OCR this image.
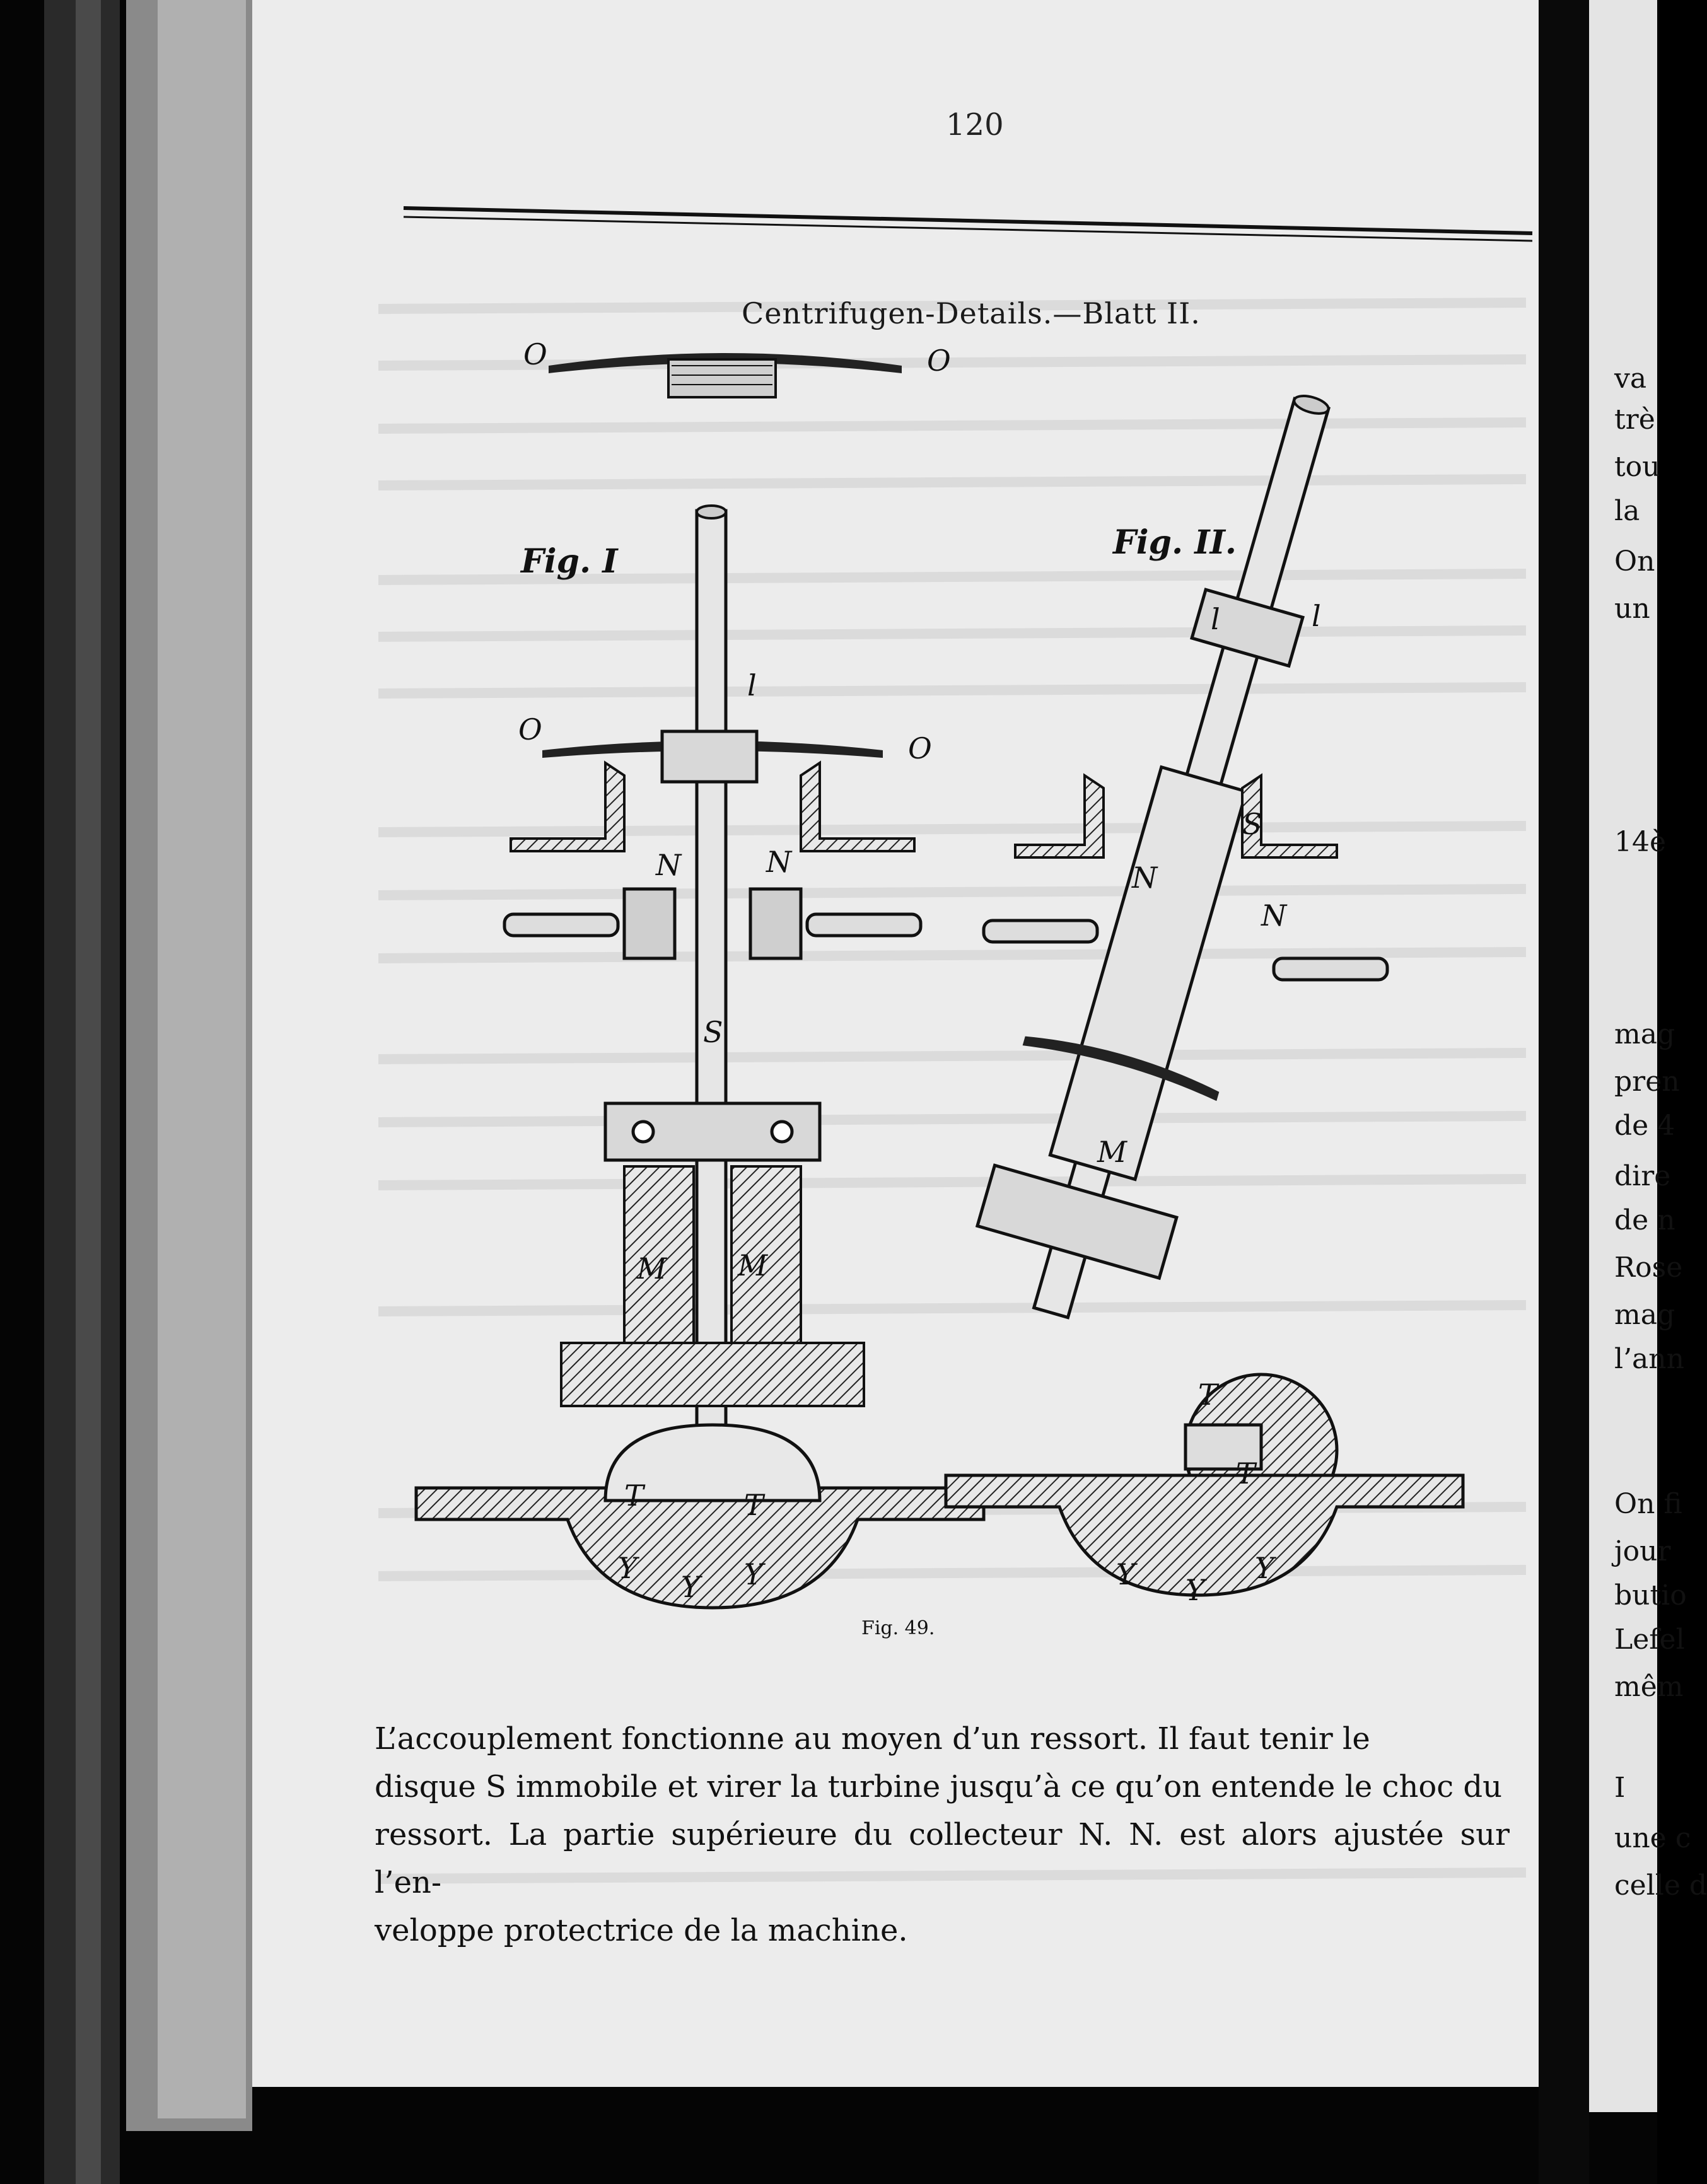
120
Centrifugen-Details.—Blatt II.
O	O
Fig. I
l
O
O
N	N
S
M M
T	T
Y
Y Y
Fig. II.
l	l
S
N
N
M
T
T
Y Y
Y
Fig. 49.
L’accouplement fonctionne au moyen d’un ressort. Il faut tenir le
disque S immobile et virer la turbine jusqu’à ce qu’on entende le choc du
ressort. La partie supérieure du collecteur N. N. est alors ajustée sur l’en-
veloppe protectrice de la machine.
va
trè
tou
la
On
un
14è
mag
pren
de 4
dire
de n
Rose
mag
l’ann
On fi
jour
butio
Lefel
mêm
I
une c
celle d
